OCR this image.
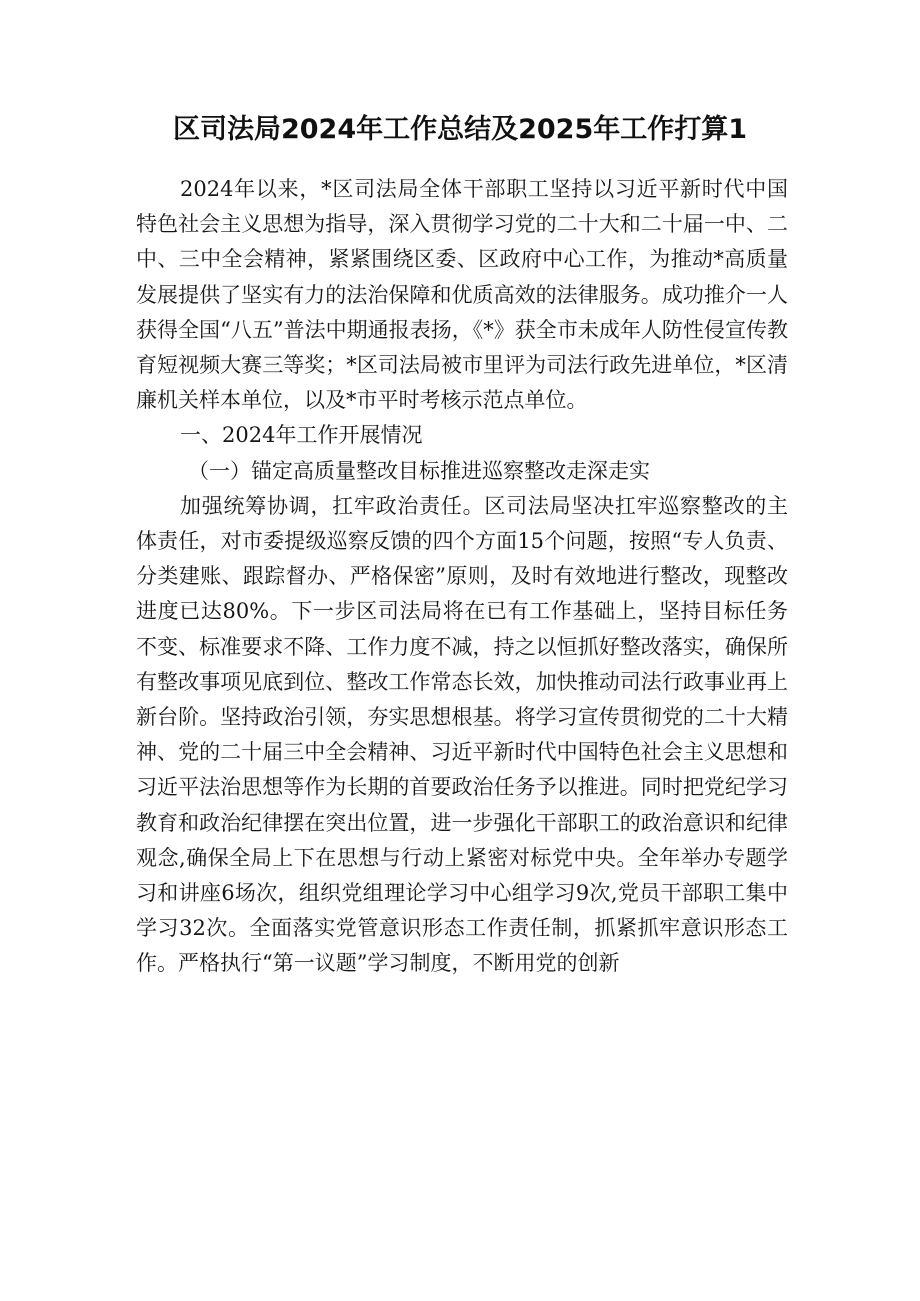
区司法局2024年工作总结及2025年工作打算1

2024年以来，*区司法局全体干部职工坚持以习近平新时代中国特色社会主义思想为指导，深入贯彻学习党的二十大和二十届一中、二中、三中全会精神，紧紧围绕区委、区政府中心工作，为推动*高质量发展提供了坚实有力的法治保障和优质高效的法律服务。成功推介一人获得全国“八五”普法中期通报表扬，《*》获全市未成年人防性侵宣传教育短视频大赛三等奖；*区司法局被市里评为司法行政先进单位，*区清廉机关样本单位，以及*市平时考核示范点单位。

一、2024年工作开展情况

（一）锚定高质量整改目标推进巡察整改走深走实

加强统筹协调，扛牢政治责任。区司法局坚决扛牢巡察整改的主体责任，对市委提级巡察反馈的四个方面15个问题，按照“专人负责、分类建账、跟踪督办、严格保密”原则，及时有效地进行整改，现整改进度已达80%。下一步区司法局将在已有工作基础上，坚持目标任务不变、标准要求不降、工作力度不减，持之以恒抓好整改落实，确保所有整改事项见底到位、整改工作常态长效，加快推动司法行政事业再上新台阶。坚持政治引领，夯实思想根基。将学习宣传贯彻党的二十大精神、党的二十届三中全会精神、习近平新时代中国特色社会主义思想和习近平法治思想等作为长期的首要政治任务予以推进。同时把党纪学习教育和政治纪律摆在突出位置，进一步强化干部职工的政治意识和纪律观念,确保全局上下在思想与行动上紧密对标党中央。全年举办专题学习和讲座6场次，组织党组理论学习中心组学习9次,党员干部职工集中学习32次。全面落实党管意识形态工作责任制，抓紧抓牢意识形态工作。严格执行“第一议题”学习制度，不断用党的创新
